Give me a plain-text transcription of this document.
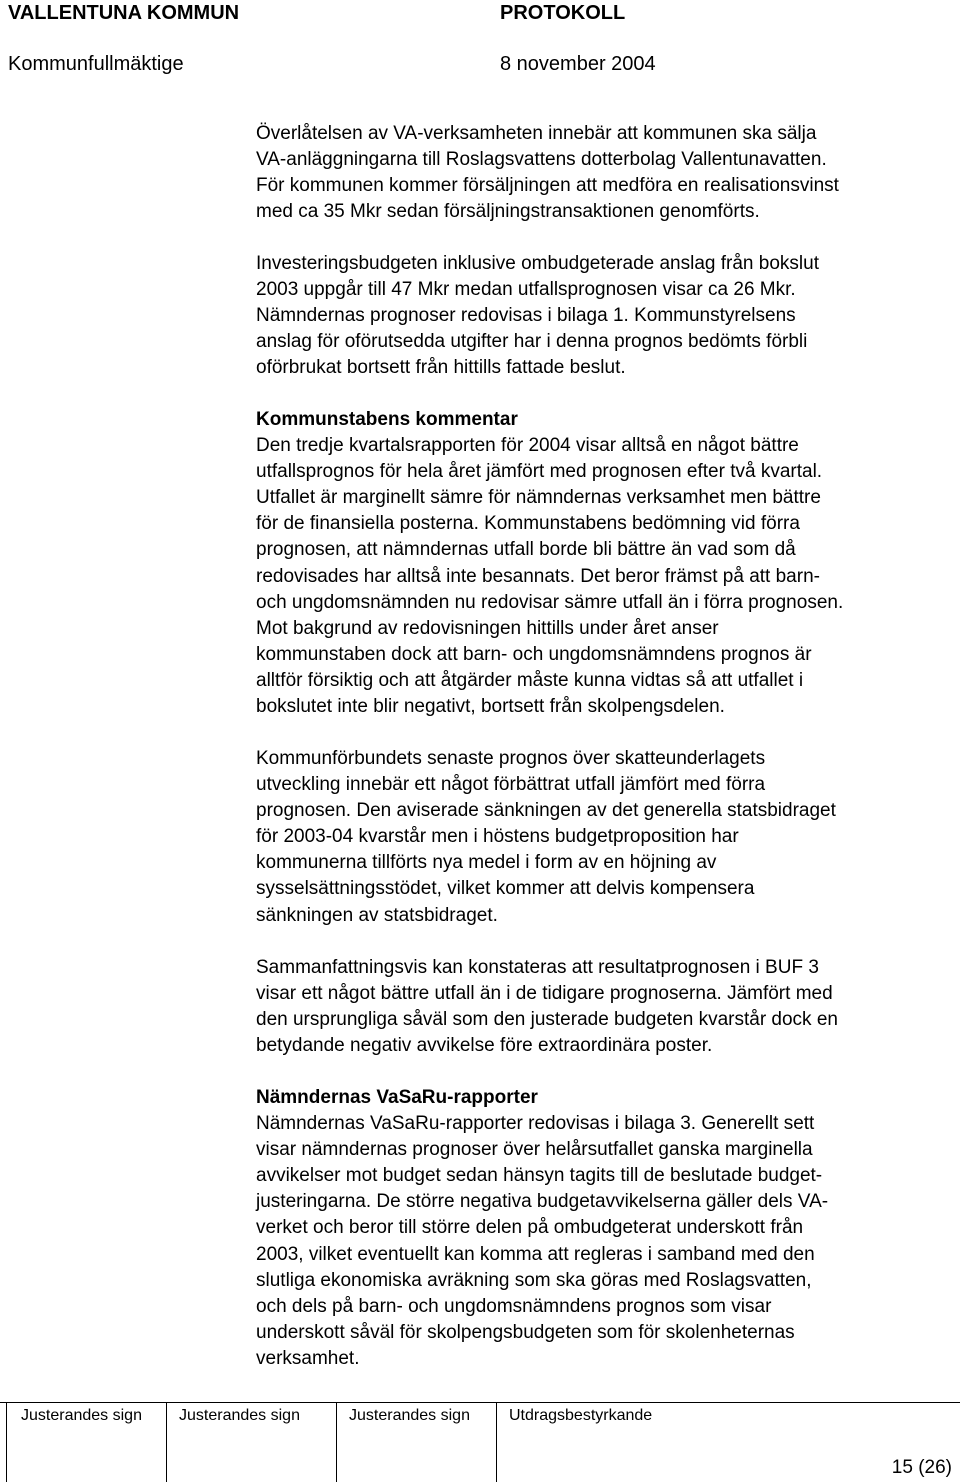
VALLENTUNA KOMMUN	PROTOKOLL
Kommunfullmäktige	8 november 2004
Överlåtelsen av VA-verksamheten innebär att kommunen ska sälja
VA-anläggningarna till Roslagsvattens dotterbolag Vallentunavatten.
För kommunen kommer försäljningen att medföra en realisationsvinst
med ca 35 Mkr sedan försäljningstransaktionen genomförts.
Investeringsbudgeten inklusive ombudgeterade anslag från bokslut
2003 uppgår till 47 Mkr medan utfallsprognosen visar ca 26 Mkr.
Nämndernas prognoser redovisas i bilaga 1. Kommunstyrelsens
anslag för oförutsedda utgifter har i denna prognos bedömts förbli
oförbrukat bortsett från hittills fattade beslut.
Kommunstabens kommentar
Den tredje kvartalsrapporten för 2004 visar alltså en något bättre
utfallsprognos för hela året jämfört med prognosen efter två kvartal.
Utfallet är marginellt sämre för nämndernas verksamhet men bättre
för de finansiella posterna. Kommunstabens bedömning vid förra
prognosen, att nämndernas utfall borde bli bättre än vad som då
redovisades har alltså inte besannats. Det beror främst på att barn-
och ungdomsnämnden nu redovisar sämre utfall än i förra prognosen.
Mot bakgrund av redovisningen hittills under året anser
kommunstaben dock att barn- och ungdomsnämndens prognos är
alltför försiktig och att åtgärder måste kunna vidtas så att utfallet i
bokslutet inte blir negativt, bortsett från skolpengsdelen.
Kommunförbundets senaste prognos över skatteunderlagets
utveckling innebär ett något förbättrat utfall jämfört med förra
prognosen. Den aviserade sänkningen av det generella statsbidraget
för 2003-04 kvarstår men i höstens budgetproposition har
kommunerna tillförts nya medel i form av en höjning av
sysselsättningsstödet, vilket kommer att delvis kompensera
sänkningen av statsbidraget.
Sammanfattningsvis kan konstateras att resultatprognosen i BUF 3
visar ett något bättre utfall än i de tidigare prognoserna. Jämfört med
den ursprungliga såväl som den justerade budgeten kvarstår dock en
betydande negativ avvikelse före extraordinära poster.
Nämndernas VaSaRu-rapporter
Nämndernas VaSaRu-rapporter redovisas i bilaga 3. Generellt sett
visar nämndernas prognoser över helårsutfallet ganska marginella
avvikelser mot budget sedan hänsyn tagits till de beslutade budget-
justeringarna. De större negativa budgetavvikelserna gäller dels VA-
verket och beror till större delen på ombudgeterat underskott från
2003, vilket eventuellt kan komma att regleras i samband med den
slutliga ekonomiska avräkning som ska göras med Roslagsvatten,
och dels på barn- och ungdomsnämndens prognos som visar
underskott såväl för skolpengsbudgeten som för skolenheternas
verksamhet.
Justerandes sign Justerandes sign	Justerandes sign Utdragsbestyrkande
15 (26)
